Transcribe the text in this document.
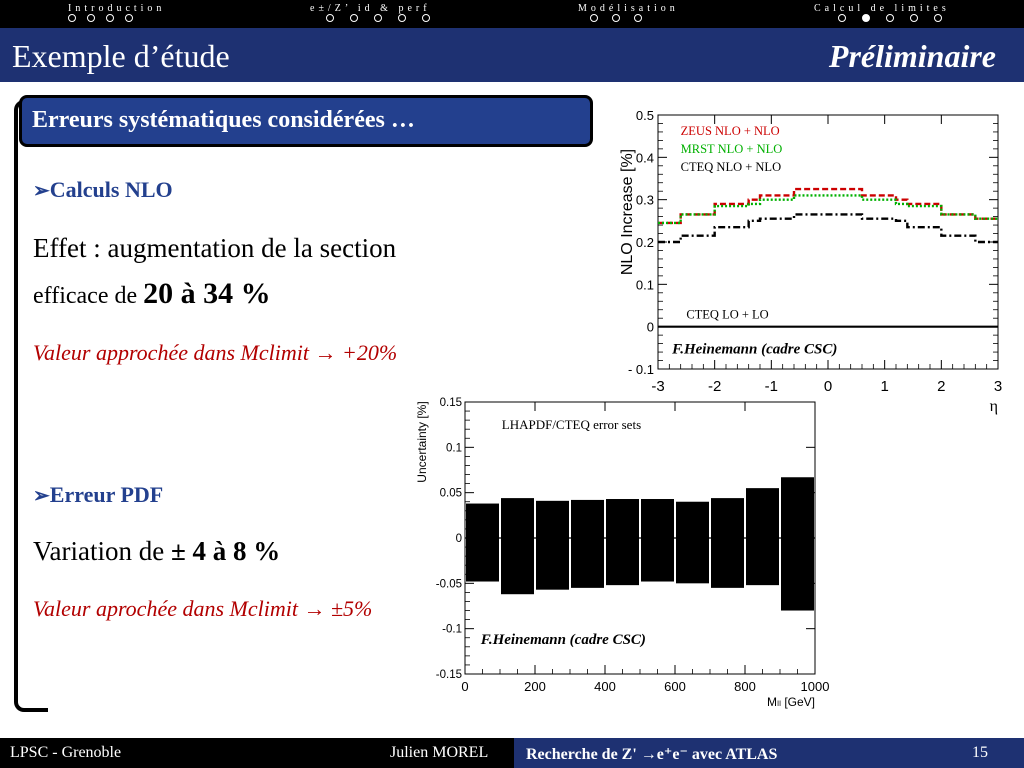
Introduction	e±/Z’ id & perf	Modélisation	Calcul de limites
Exemple d’étude	Préliminaire
Erreurs systématiques considérées …
➢Calculs NLO
Effet : augmentation de la section
efficace de 20 à 34 %
Valeur approchée dans Mclimit → +20%
➢Erreur PDF
Variation de ± 4 à 8 %
Valeur aprochée dans Mclimit → ±5%
- 0.1
0
0.1
0.2
0.3
0.4
0.5
-3	-2	-1	0	1	2	3
η
NLO Increase [%]
CTEQ LO + LO
ZEUS NLO + NLO
MRST NLO + NLO
CTEQ NLO + NLO
F.Heinemann (cadre CSC)
-0.15
-0.1
-0.05
0
0.05
0.1
0.15
0	200	400	600	800	1000
Mₗₗ [GeV]
Uncertainty [%]	LHAPDF/CTEQ error sets
F.Heinemann (cadre CSC)
LPSC - Grenoble	Julien MOREL Recherche de Z' →e⁺e⁻ avec ATLAS	15
